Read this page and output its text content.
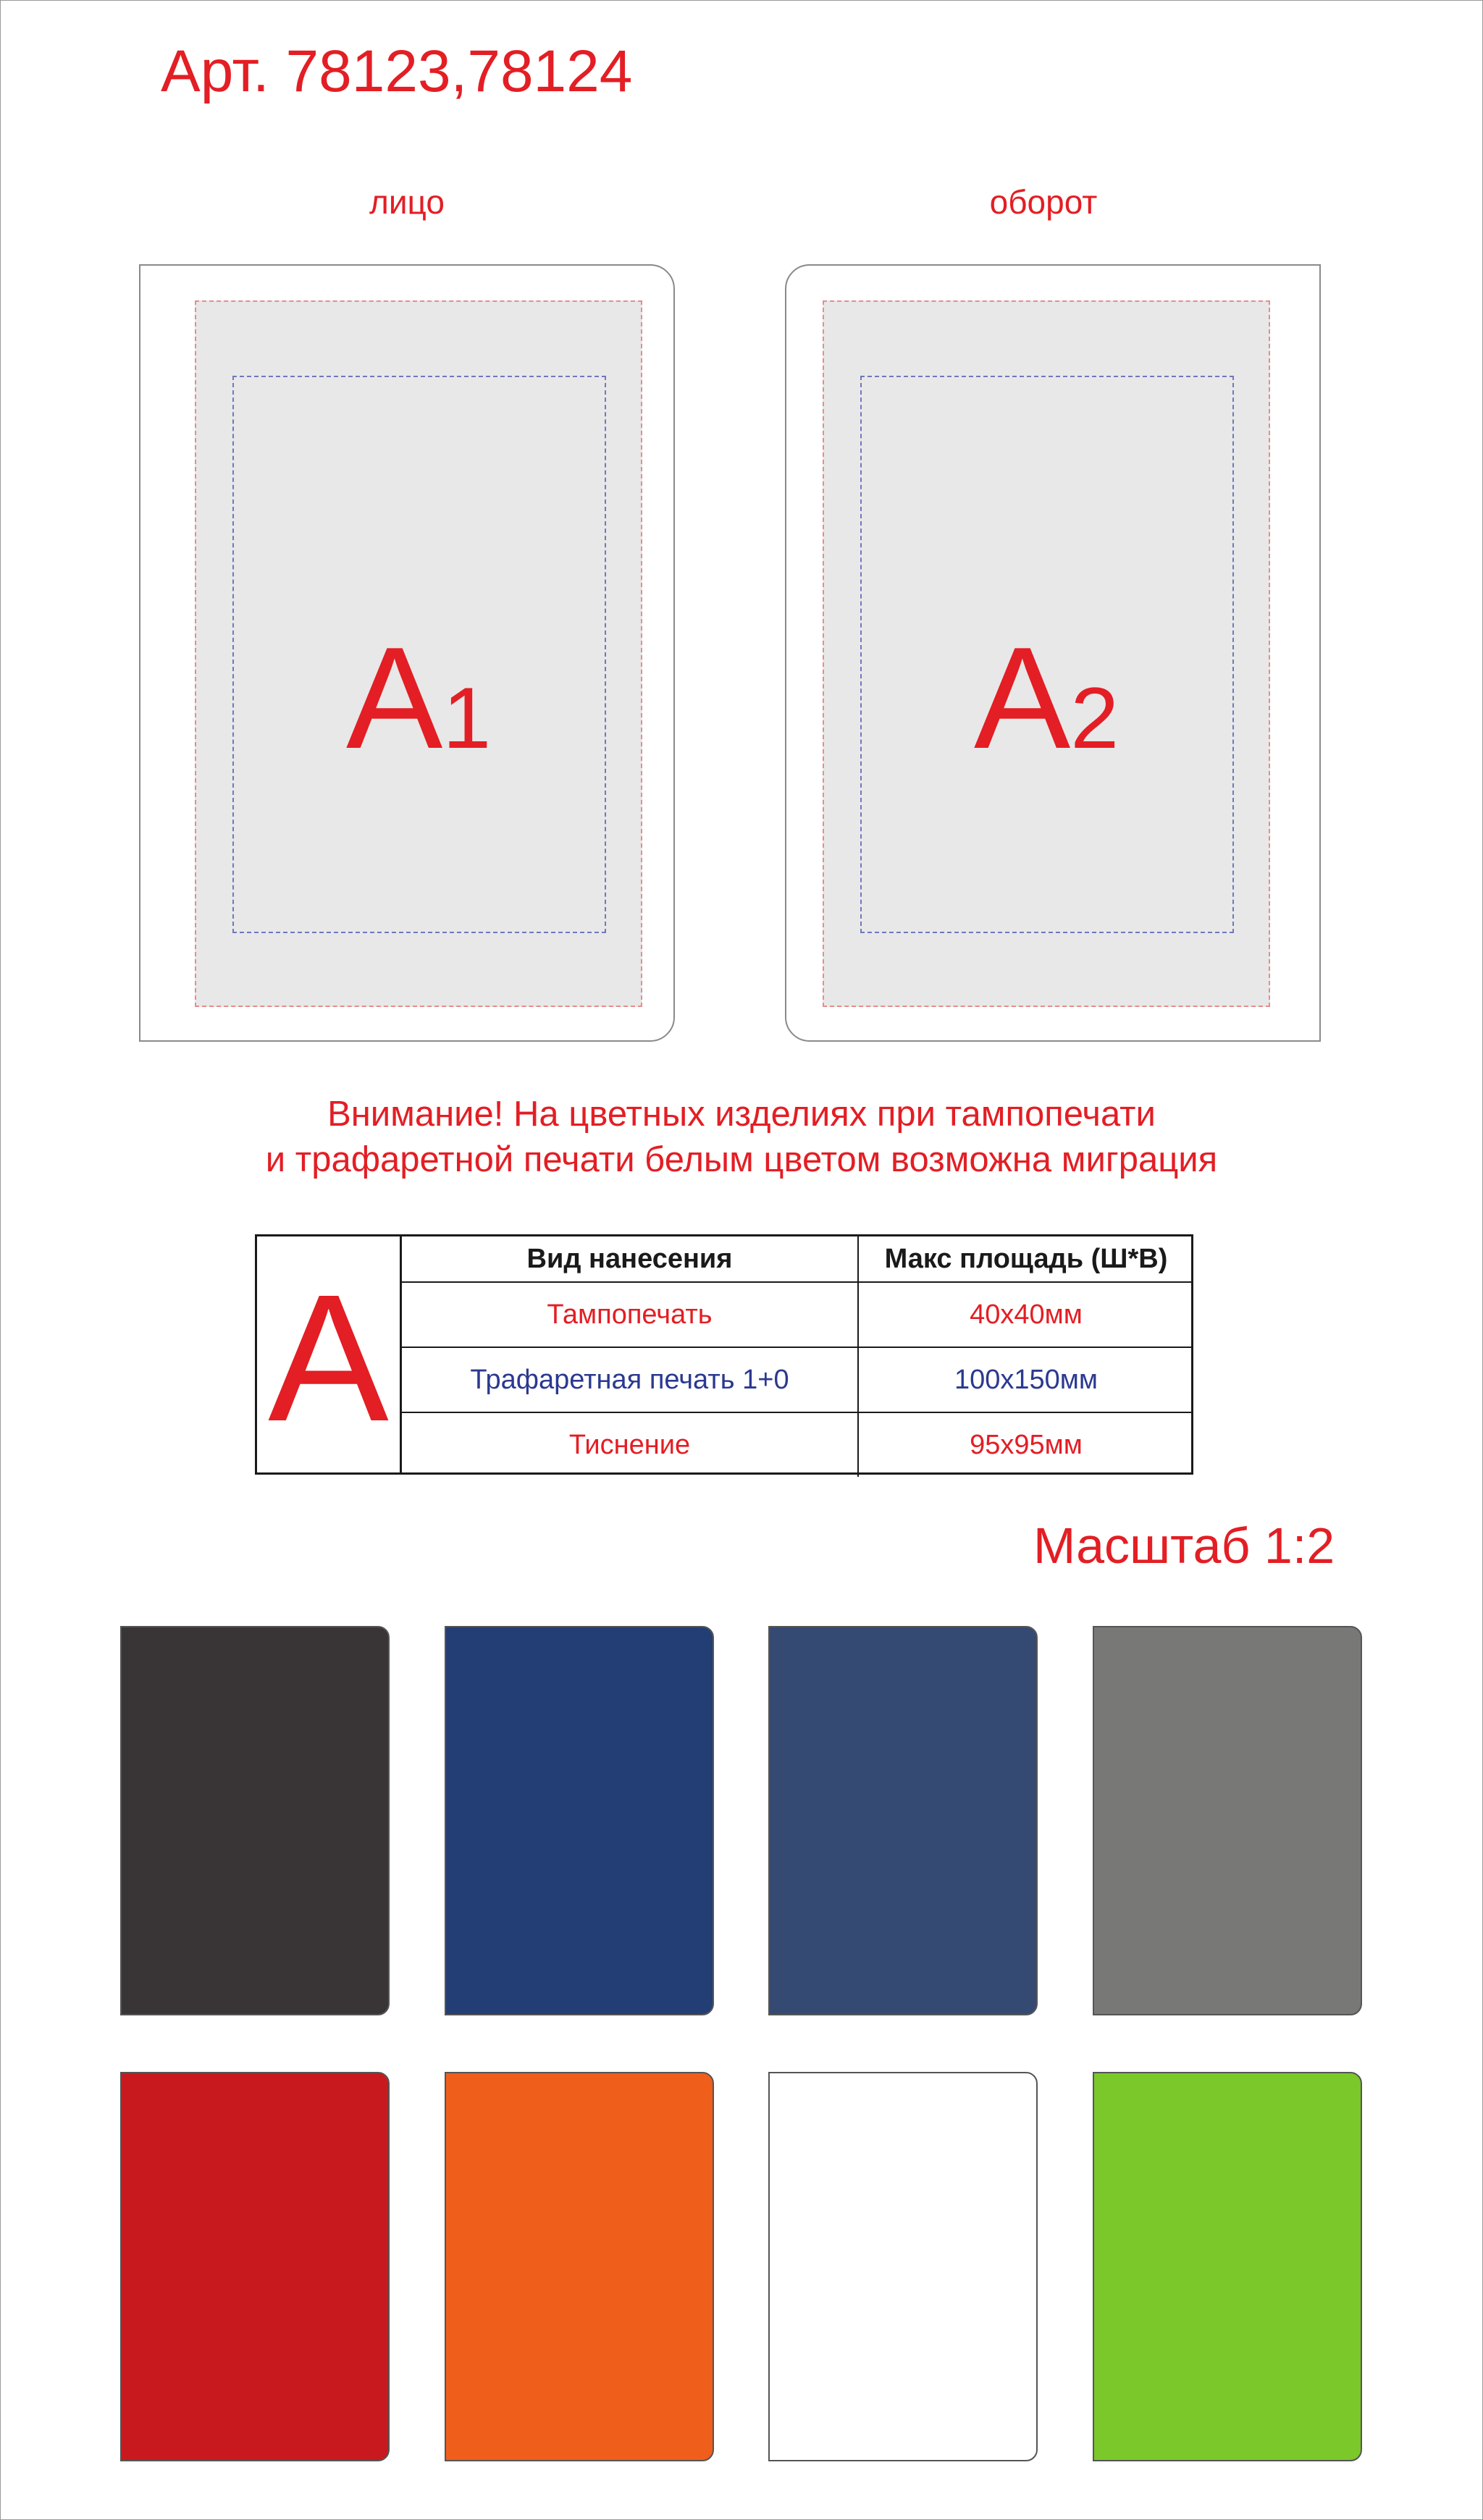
Арт. 78123,78124
лицо	оборот
A1	A2
Внимание! На цветных изделиях при тампопечати
и трафаретной печати белым цветом возможна миграция
A	Вид нанесения	Макс площадь (Ш*В)
Тампопечать	40x40мм
Трафаретная печать 1+0	100x150мм
Тиснение	95x95мм
Масштаб 1:2
